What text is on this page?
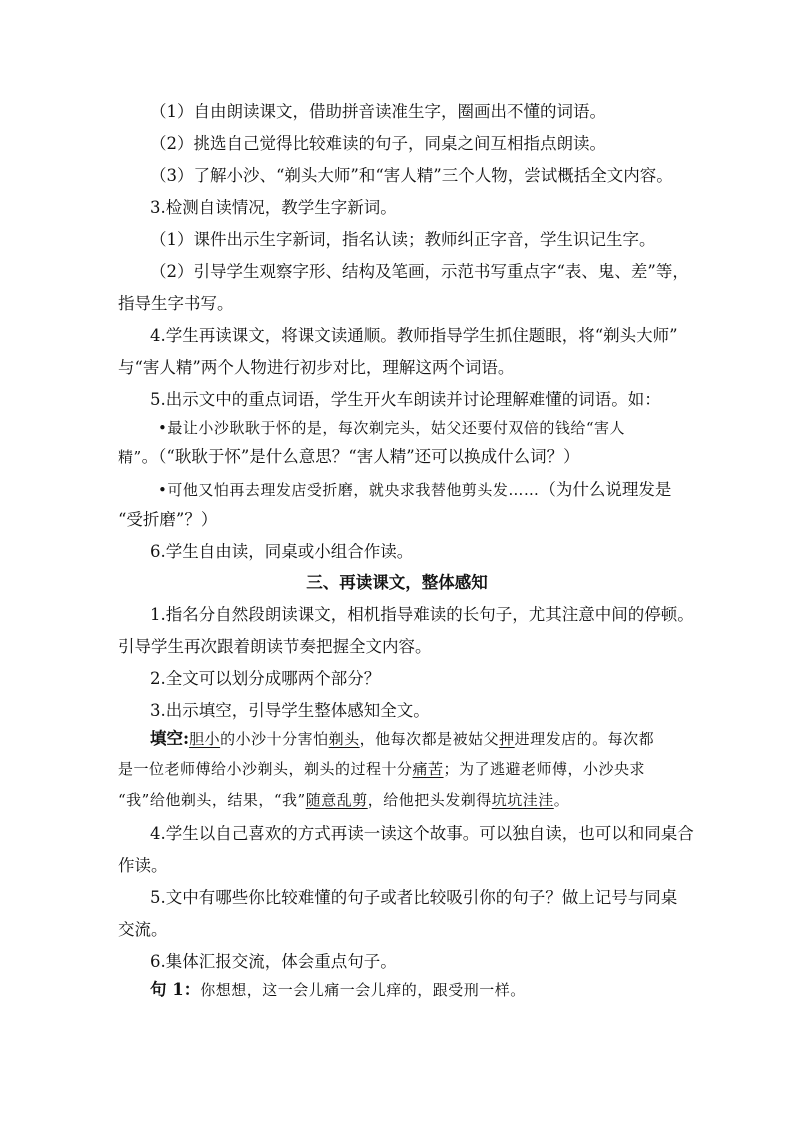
（1）自由朗读课文，借助拼音读准生字，圈画出不懂的词语。
（2）挑选自己觉得比较难读的句子，同桌之间互相指点朗读。
（3）了解小沙、“剃头大师”和“害人精”三个人物，尝试概括全文内容。
3.检测自读情况，教学生字新词。
（1）课件出示生字新词，指名认读；教师纠正字音，学生识记生字。
（2）引导学生观察字形、结构及笔画，示范书写重点字“表、鬼、差”等，
指导生字书写。
4.学生再读课文，将课文读通顺。教师指导学生抓住题眼，将“剃头大师”
与“害人精”两个人物进行初步对比，理解这两个词语。
5.出示文中的重点词语，学生开火车朗读并讨论理解难懂的词语。如：
•最让小沙耿耿于怀的是，每次剃完头，姑父还要付双倍的钱给“害人
精”。（“耿耿于怀”是什么意思？“害人精”还可以换成什么词？）
•可他又怕再去理发店受折磨，就央求我替他剪头发……（为什么说理发是
“受折磨”？）
6.学生自由读，同桌或小组合作读。
三、再读课文，整体感知
1.指名分自然段朗读课文，相机指导难读的长句子，尤其注意中间的停顿。
引导学生再次跟着朗读节奏把握全文内容。
2.全文可以划分成哪两个部分？
3.出示填空，引导学生整体感知全文。
填空:胆小的小沙十分害怕剃头，他每次都是被姑父押进理发店的。每次都
是一位老师傅给小沙剃头，剃头的过程十分痛苦；为了逃避老师傅，小沙央求
“我”给他剃头，结果，“我”随意乱剪，给他把头发剃得坑坑洼洼。
4.学生以自己喜欢的方式再读一读这个故事。可以独自读，也可以和同桌合
作读。
5.文中有哪些你比较难懂的句子或者比较吸引你的句子？做上记号与同桌
交流。
6.集体汇报交流，体会重点句子。
句 1：你想想，这一会儿痛一会儿痒的，跟受刑一样。
